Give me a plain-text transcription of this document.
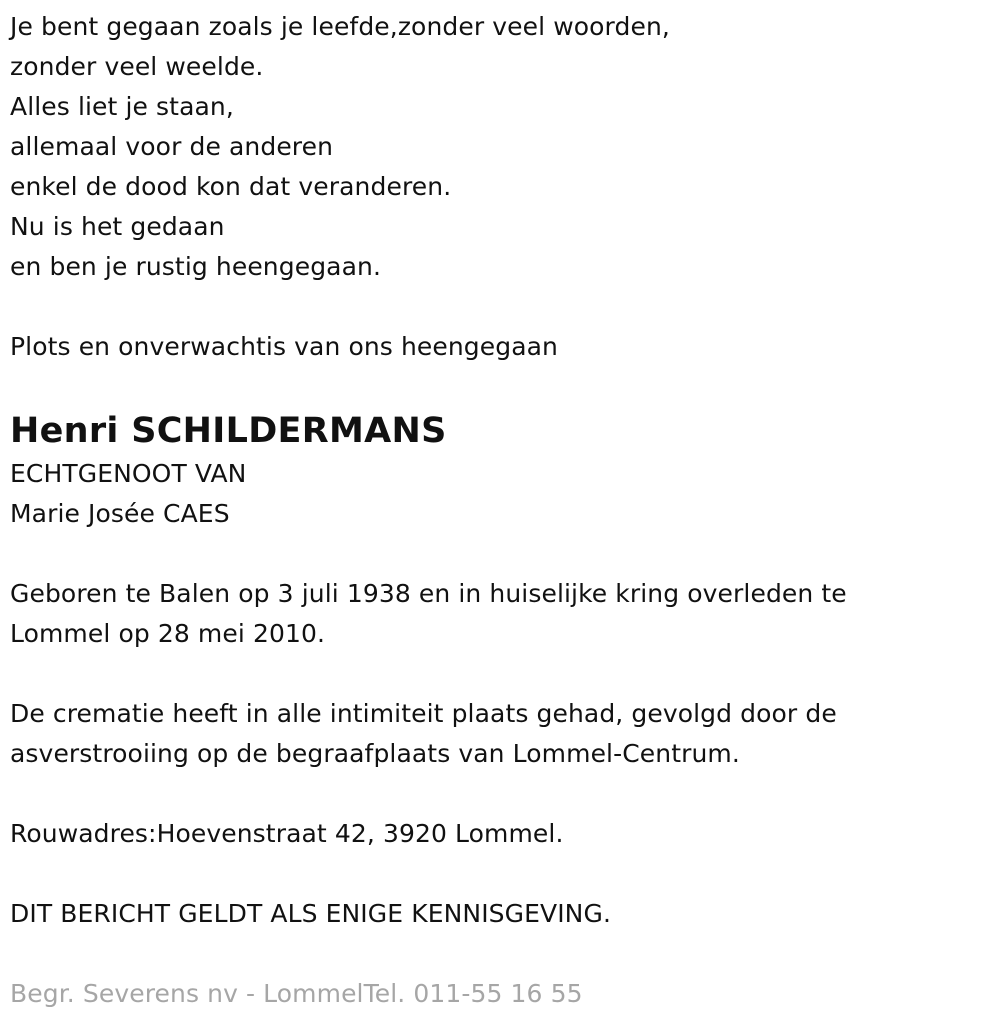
Je bent gegaan zoals je leefde,zonder veel woorden,
zonder veel weelde.
Alles liet je staan,
allemaal voor de anderen
enkel de dood kon dat veranderen.
Nu is het gedaan
en ben je rustig heengegaan.
Plots en onverwachtis van ons heengegaan
Henri SCHILDERMANS
ECHTGENOOT VAN
Marie Josée CAES
Geboren te Balen op 3 juli 1938 en in huiselijke kring overleden te
Lommel op 28 mei 2010.
De crematie heeft in alle intimiteit plaats gehad, gevolgd door de
asverstrooiing op de begraafplaats van Lommel-Centrum.
Rouwadres:Hoevenstraat 42, 3920 Lommel.
DIT BERICHT GELDT ALS ENIGE KENNISGEVING.
Begr. Severens nv - LommelTel. 011-55 16 55
